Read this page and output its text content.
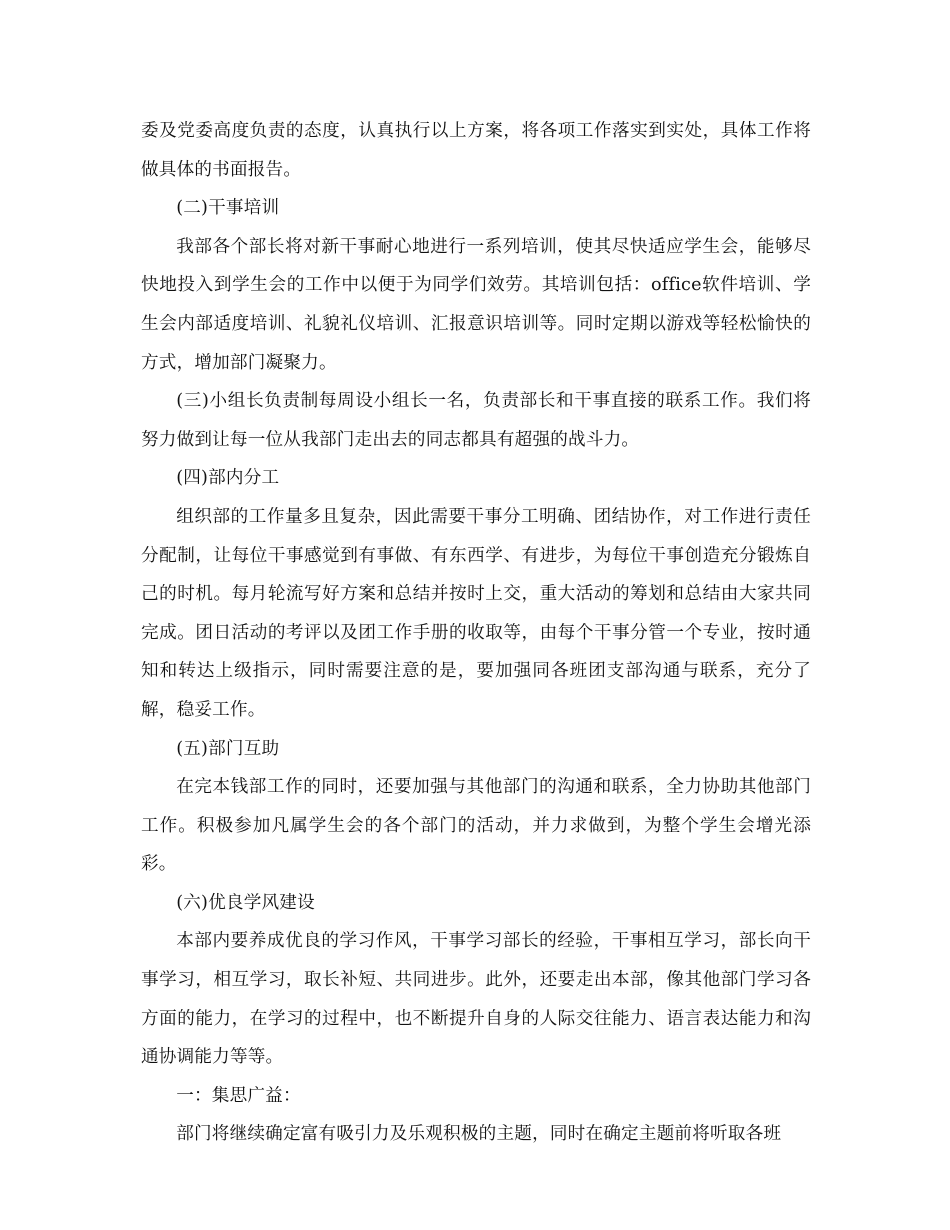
委及党委高度负责的态度，认真执行以上方案，将各项工作落实到实处，具体工作将做具体的书面报告。

(二)干事培训

我部各个部长将对新干事耐心地进行一系列培训，使其尽快适应学生会，能够尽快地投入到学生会的工作中以便于为同学们效劳。其培训包括：office软件培训、学生会内部适度培训、礼貌礼仪培训、汇报意识培训等。同时定期以游戏等轻松愉快的方式，增加部门凝聚力。

(三)小组长负责制每周设小组长一名，负责部长和干事直接的联系工作。我们将努力做到让每一位从我部门走出去的同志都具有超强的战斗力。

(四)部内分工

组织部的工作量多且复杂，因此需要干事分工明确、团结协作，对工作进行责任分配制，让每位干事感觉到有事做、有东西学、有进步，为每位干事创造充分锻炼自己的时机。每月轮流写好方案和总结并按时上交，重大活动的筹划和总结由大家共同完成。团日活动的考评以及团工作手册的收取等，由每个干事分管一个专业，按时通知和转达上级指示，同时需要注意的是，要加强同各班团支部沟通与联系，充分了解，稳妥工作。

(五)部门互助

在完本钱部工作的同时，还要加强与其他部门的沟通和联系，全力协助其他部门工作。积极参加凡属学生会的各个部门的活动，并力求做到，为整个学生会增光添彩。

(六)优良学风建设

本部内要养成优良的学习作风，干事学习部长的经验，干事相互学习，部长向干事学习，相互学习，取长补短、共同进步。此外，还要走出本部，像其他部门学习各方面的能力，在学习的过程中，也不断提升自身的人际交往能力、语言表达能力和沟通协调能力等等。

一：集思广益：

部门将继续确定富有吸引力及乐观积极的主题，同时在确定主题前将听取各班
